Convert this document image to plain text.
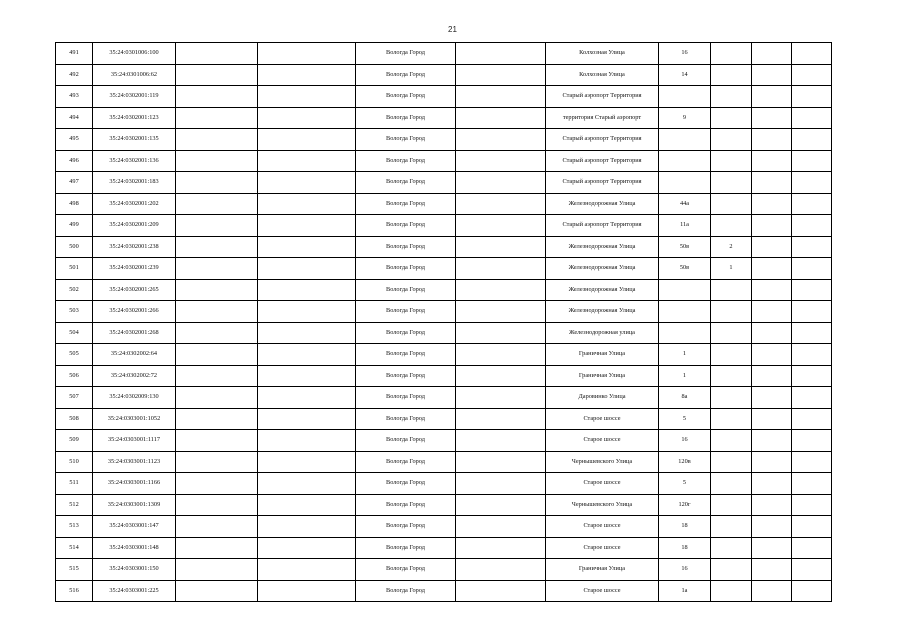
21
491	35:24:0301006:100			Вологда Город		Колхозная Улица	16			
492	35:24:0301006:62			Вологда Город		Колхозная Улица	14			
493	35:24:0302001:119			Вологда Город		Старый аэропорт Территория				
494	35:24:0302001:123			Вологда Город		территория Старый аэропорт	9			
495	35:24:0302001:135			Вологда Город		Старый аэропорт Территория				
496	35:24:0302001:136			Вологда Город		Старый аэропорт Территория				
497	35:24:0302001:183			Вологда Город		Старый аэропорт Территория				
498	35:24:0302001:202			Вологда Город		Железнодорожная Улица	44а			
499	35:24:0302001:209			Вологда Город		Старый аэропорт Территория	11а			
500	35:24:0302001:238			Вологда Город		Железнодорожная Улица	50в	2		
501	35:24:0302001:239			Вологда Город		Железнодорожная Улица	50в	1		
502	35:24:0302001:265			Вологда Город		Железнодорожная Улица				
503	35:24:0302001:266			Вологда Город		Железнодорожная Улица				
504	35:24:0302001:268			Вологда Город		Железнодорожная улица				
505	35:24:0302002:64			Вологда Город		Граничная Улица	1			
506	35:24:0302002:72			Вологда Город		Граничная Улица	1			
507	35:24:0302009:130			Вологда Город		Даровинко Улица	8а			
508	35:24:0303001:1052			Вологда Город		Старое шоссе	5			
509	35:24:0303001:1117			Вологда Город		Старое шоссе	16			
510	35:24:0303001:1123			Вологда Город		Чернышевского Улица	120в			
511	35:24:0303001:1166			Вологда Город		Старое шоссе	5			
512	35:24:0303001:1309			Вологда Город		Чернышевского Улица	120г			
513	35:24:0303001:147			Вологда Город		Старое шоссе	18			
514	35:24:0303001:148			Вологда Город		Старое шоссе	18			
515	35:24:0303001:150			Вологда Город		Граничная Улица	16			
516	35:24:0303001:225			Вологда Город		Старое шоссе	1а			
